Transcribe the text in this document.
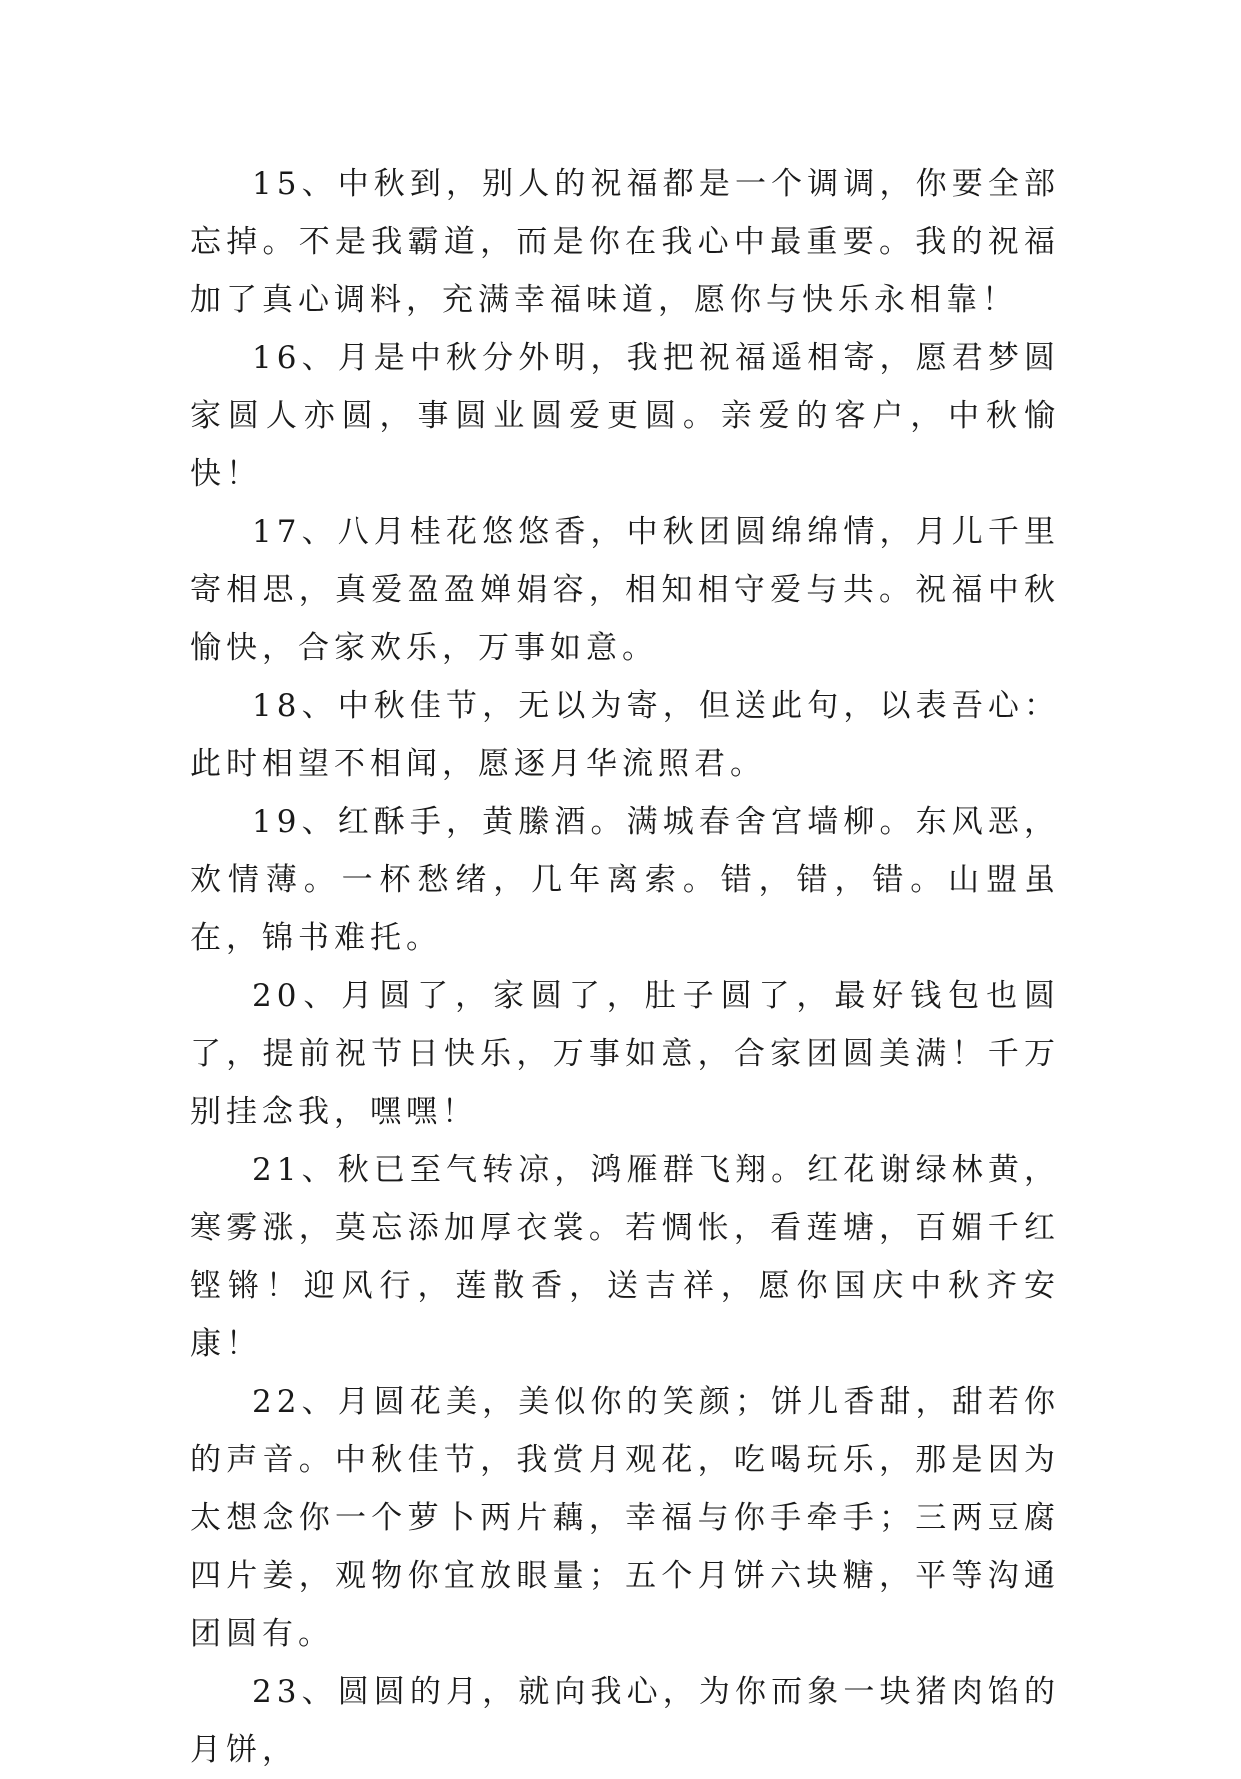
15、中秋到，别人的祝福都是一个调调，你要全部忘掉。不是我霸道，而是你在我心中最重要。我的祝福加了真心调料，充满幸福味道，愿你与快乐永相靠！

16、月是中秋分外明，我把祝福遥相寄，愿君梦圆家圆人亦圆，事圆业圆爱更圆。亲爱的客户，中秋愉快！

17、八月桂花悠悠香，中秋团圆绵绵情，月儿千里寄相思，真爱盈盈婵娟容，相知相守爱与共。祝福中秋愉快，合家欢乐，万事如意。

18、中秋佳节，无以为寄，但送此句，以表吾心：此时相望不相闻，愿逐月华流照君。

19、红酥手，黄縢酒。满城春舍宫墙柳。东风恶，欢情薄。一杯愁绪，几年离索。错，错，错。山盟虽在，锦书难托。

20、月圆了，家圆了，肚子圆了，最好钱包也圆了，提前祝节日快乐，万事如意，合家团圆美满！千万别挂念我，嘿嘿！

21、秋已至气转凉，鸿雁群飞翔。红花谢绿林黄，寒雾涨，莫忘添加厚衣裳。若惆怅，看莲塘，百媚千红铿锵！迎风行，莲散香，送吉祥，愿你国庆中秋齐安康！

22、月圆花美，美似你的笑颜；饼儿香甜，甜若你的声音。中秋佳节，我赏月观花，吃喝玩乐，那是因为太想念你一个萝卜两片藕，幸福与你手牵手；三两豆腐四片姜，观物你宜放眼量；五个月饼六块糖，平等沟通团圆有。

23、圆圆的月，就向我心，为你而象一块猪肉馅的月饼，
